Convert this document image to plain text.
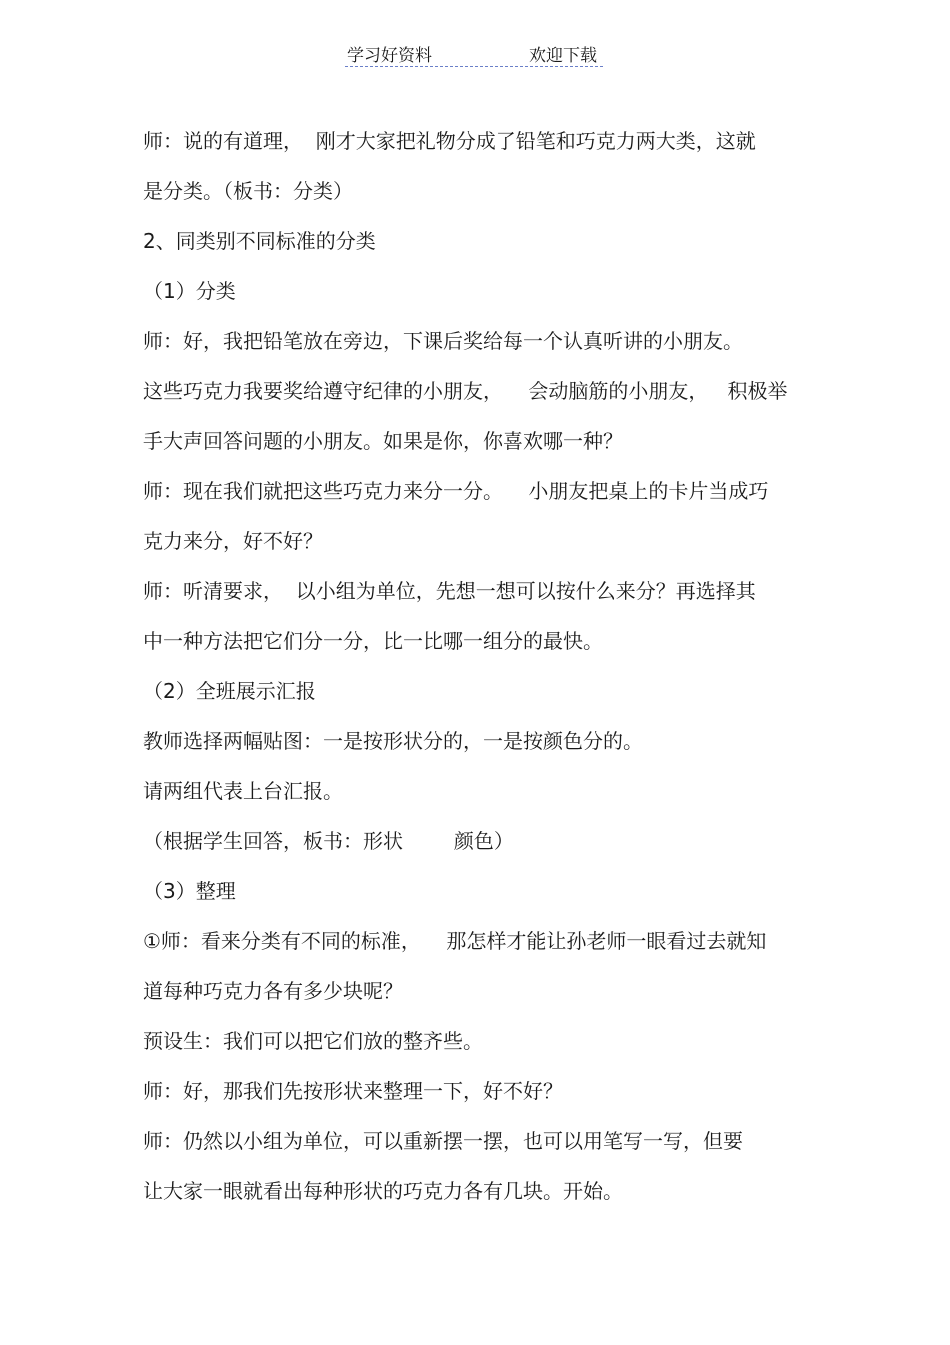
学习好资料	欢迎下载
师：说的有道理，  刚才大家把礼物分成了铅笔和巧克力两大类，这就
是分类。（板书：分类）
2、同类别不同标准的分类
（1）分类
师：好，我把铅笔放在旁边，下课后奖给每一个认真听讲的小朋友。
这些巧克力我要奖给遵守纪律的小朋友，    会动脑筋的小朋友，   积极举
手大声回答问题的小朋友。如果是你，你喜欢哪一种？
师：现在我们就把这些巧克力来分一分。    小朋友把桌上的卡片当成巧
克力来分，好不好？
师：听清要求，  以小组为单位，先想一想可以按什么来分？再选择其
中一种方法把它们分一分，比一比哪一组分的最快。
（2）全班展示汇报
教师选择两幅贴图：一是按形状分的，一是按颜色分的。
请两组代表上台汇报。
（根据学生回答，板书：形状        颜色）
（3）整理
①师：看来分类有不同的标准，    那怎样才能让孙老师一眼看过去就知
道每种巧克力各有多少块呢？
预设生：我们可以把它们放的整齐些。
师：好，那我们先按形状来整理一下，好不好？
师：仍然以小组为单位，可以重新摆一摆，也可以用笔写一写，但要
让大家一眼就看出每种形状的巧克力各有几块。开始。
